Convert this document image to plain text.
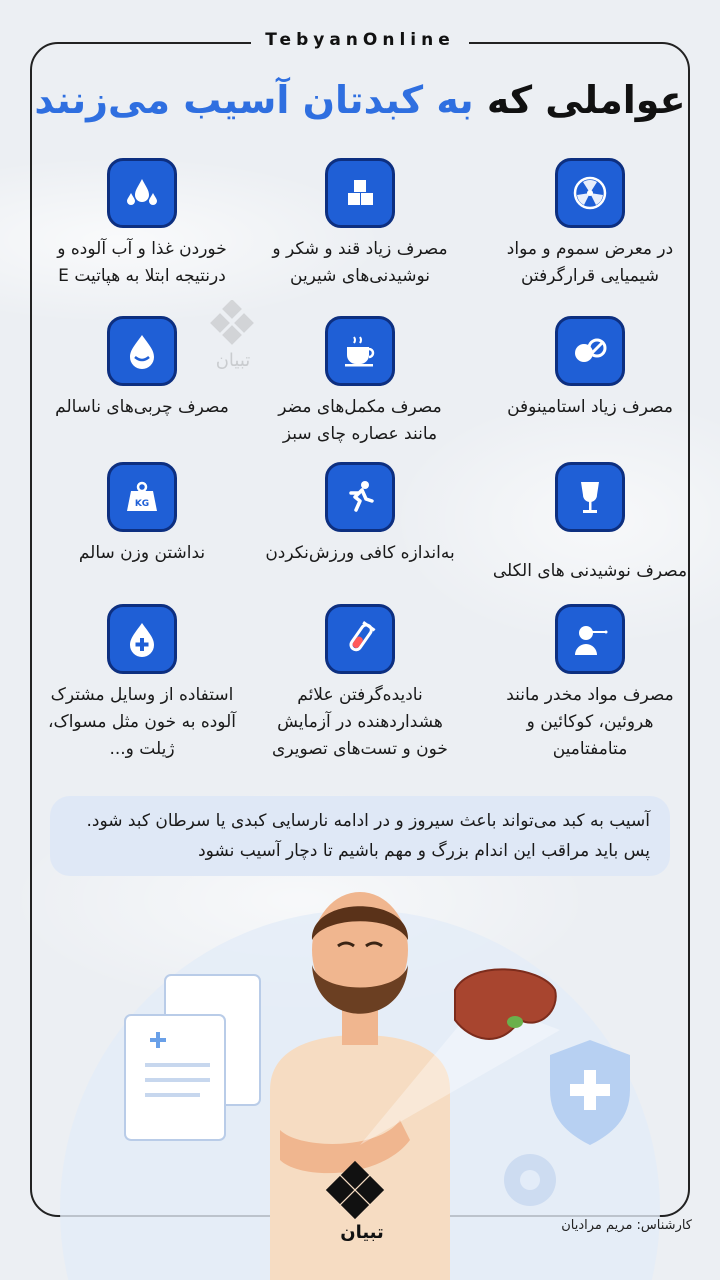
TebyanOnline
عواملی که به کبدتان آسیب می‌زنند
تبیان
در معرض سموم و مواد شیمیایی قرارگرفتن
مصرف زیاد قند و شکر و نوشیدنی‌های شیرین
خوردن غذا و آب آلوده و درنتیجه ابتلا به هپاتیت E
مصرف زیاد استامینوفن
مصرف مکمل‌های مضر مانند عصاره چای سبز
مصرف چربی‌های ناسالم
مصرف نوشیدنی های الکلی
به‌اندازه کافی ورزش‌نکردن
KG
نداشتن وزن سالم
مصرف مواد مخدر مانند هروئین، کوکائین و متامفتامین
نادیده‌گرفتن علائم هشداردهنده در آزمایش خون و تست‌های تصویری
استفاده از وسایل مشترک آلوده به خون مثل مسواک، ژیلت و...
آسیب به کبد می‌تواند باعث سیروز و در ادامه نارسایی کبدی یا سرطان کبد شود. پس باید مراقب این اندام بزرگ و مهم باشیم تا دچار آسیب نشود
تبیان	کارشناس: مریم مرادیان
